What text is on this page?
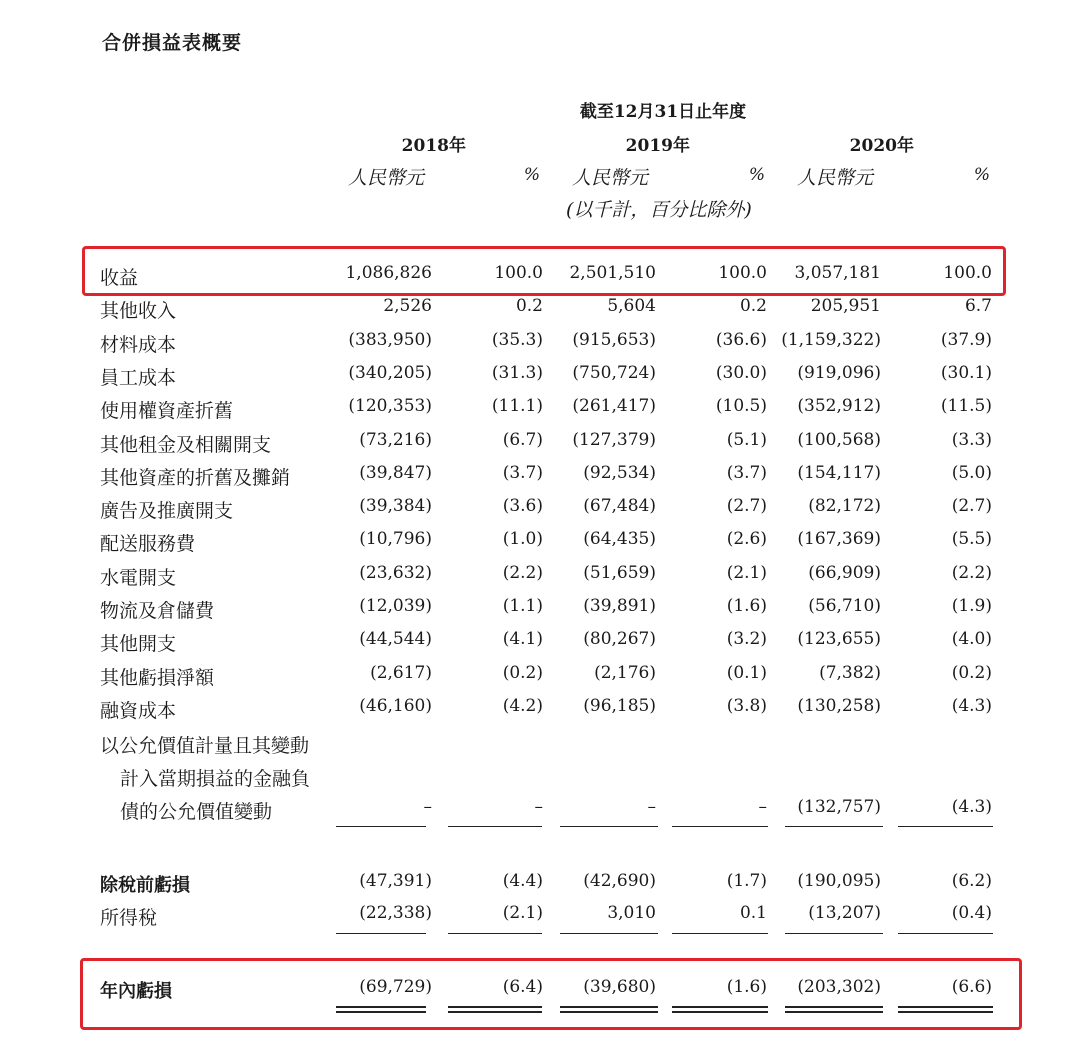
合併損益表概要
截至12月31日止年度
2018年	2019年	2020年
人民幣元	% 人民幣元	% 人民幣元	%
(以千計，百分比除外)
收益	1,086,826	100.0 2,501,510	100.0 3,057,181	100.0
其他收入	2,526	0.2	5,604	0.2	205,951	6.7
材料成本	(383,950)	(35.3) (915,653)	(36.6) (1,159,322)	(37.9)
員工成本	(340,205)	(31.3) (750,724)	(30.0) (919,096)	(30.1)
使用權資產折舊	(120,353)	(11.1) (261,417)	(10.5) (352,912)	(11.5)
其他租金及相關開支	(73,216)	(6.7) (127,379)	(5.1) (100,568)	(3.3)
其他資產的折舊及攤銷	(39,847)	(3.7) (92,534)	(3.7) (154,117)	(5.0)
廣告及推廣開支	(39,384)	(3.6) (67,484)	(2.7) (82,172)	(2.7)
配送服務費	(10,796)	(1.0) (64,435)	(2.6) (167,369)	(5.5)
水電開支	(23,632)	(2.2) (51,659)	(2.1) (66,909)	(2.2)
物流及倉儲費	(12,039)	(1.1) (39,891)	(1.6) (56,710)	(1.9)
其他開支	(44,544)	(4.1) (80,267)	(3.2) (123,655)	(4.0)
其他虧損淨額	(2,617)	(0.2)	(2,176)	(0.1)	(7,382)	(0.2)
融資成本	(46,160)	(4.2) (96,185)	(3.8) (130,258)	(4.3)
以公允價值計量且其變動
計入當期損益的金融負
債的公允價值變動	–	–	–	– (132,757)	(4.3)
除稅前虧損	(47,391)	(4.4) (42,690)	(1.7) (190,095)	(6.2)
所得稅	(22,338)	(2.1)	3,010	0.1 (13,207)	(0.4)
年內虧損	(69,729)	(6.4) (39,680)	(1.6) (203,302)	(6.6)
